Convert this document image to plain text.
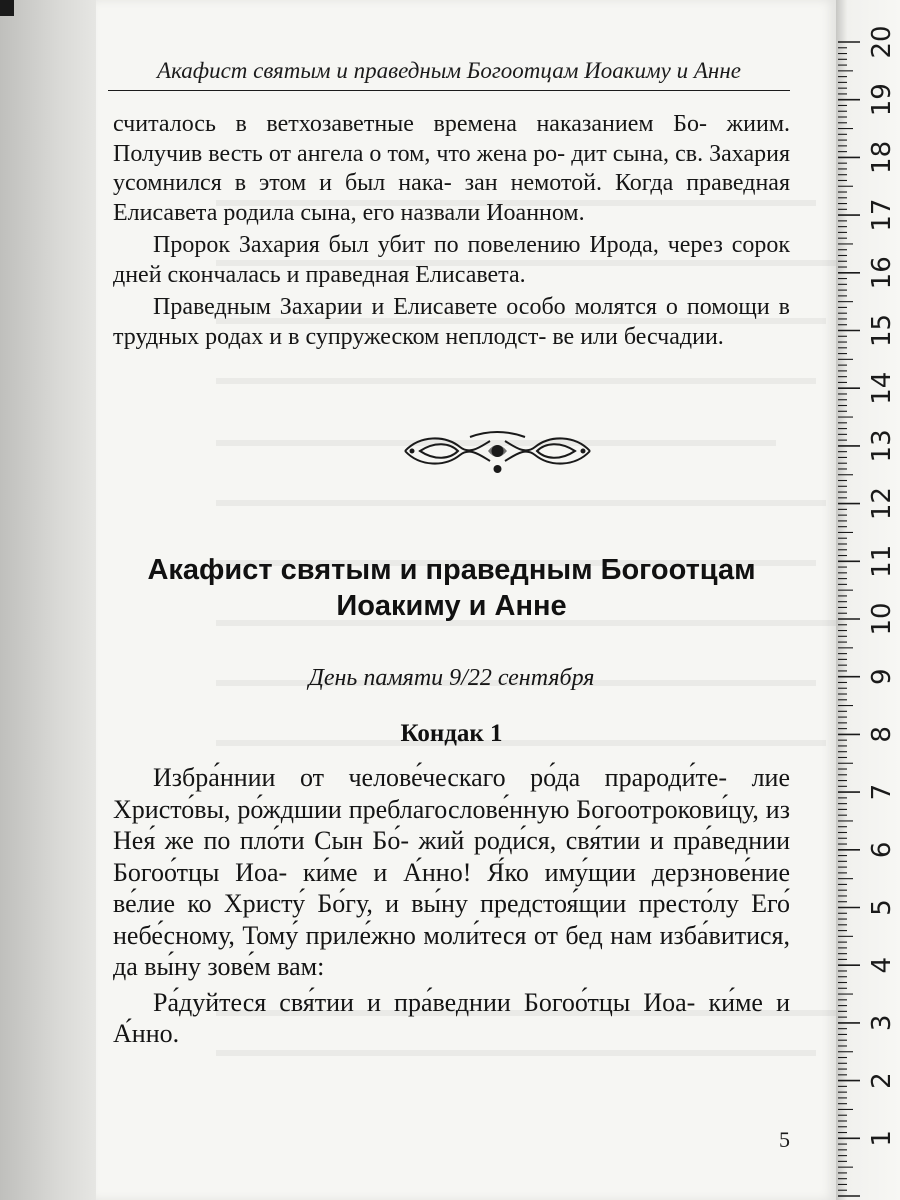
Акафист святым и праведным Богоотцам Иоакиму и Анне

считалось в ветхозаветные времена наказанием Бо- жиим. Получив весть от ангела о том, что жена ро- дит сына, св. Захария усомнился в этом и был нака- зан немотой. Когда праведная Елисавета родила сына, его назвали Иоанном.

Пророк Захария был убит по повелению Ирода, через сорок дней скончалась и праведная Елисавета.

Праведным Захарии и Елисавете особо молятся о помощи в трудных родах и в супружеском неплодст- ве или бесчадии.

Акафист святым и праведным Богоотцам
Иоакиму и Анне
День памяти 9/22 сентября
Кондак 1

Избра́ннии от челове́ческаго ро́да прароди́те- лие Христо́вы, ро́ждшии преблагослове́нную Богоотрокови́цу, из Нея́ же по пло́ти Сын Бо́- жий роди́ся, свя́тии и пра́веднии Богоо́тцы Иоа- ки́ме и А́нно! Я́ко иму́щии дерзнове́ние ве́лие ко Христу́ Бо́гу, и вы́ну предстоя́щии престо́лу Его́ небе́сному, Тому́ приле́жно моли́теся от бед нам изба́витися, да вы́ну зове́м вам:

Ра́дуйтеся свя́тии и пра́веднии Богоо́тцы Иоа- ки́ме и А́нно.

5
20
19
18
17
16
15
14
13
12
11
10
9
8
7
6
5
4
3
2
1
